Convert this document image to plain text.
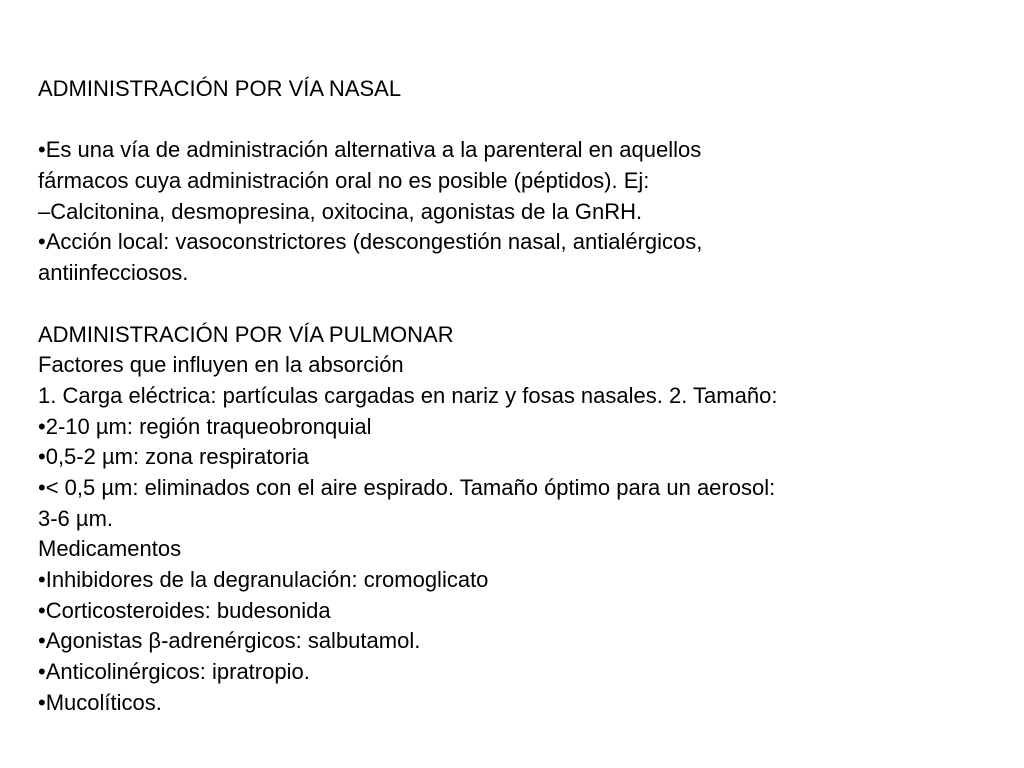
ADMINISTRACIÓN POR VÍA NASAL
•Es una vía de administración alternativa a la parenteral en aquellos
fármacos cuya administración oral no es posible (péptidos). Ej:
–Calcitonina, desmopresina, oxitocina, agonistas de la GnRH.
•Acción local: vasoconstrictores (descongestión nasal, antialérgicos,
antiinfecciosos.
ADMINISTRACIÓN POR VÍA PULMONAR
Factores que influyen en la absorción
1. Carga eléctrica: partículas cargadas en nariz y fosas nasales. 2. Tamaño:
•2-10 µm: región traqueobronquial
•0,5-2 µm: zona respiratoria
•< 0,5 µm: eliminados con el aire espirado. Tamaño óptimo para un aerosol:
3-6 µm.
Medicamentos
•Inhibidores de la degranulación: cromoglicato
•Corticosteroides: budesonida
•Agonistas β-adrenérgicos: salbutamol.
•Anticolinérgicos: ipratropio.
•Mucolíticos.
